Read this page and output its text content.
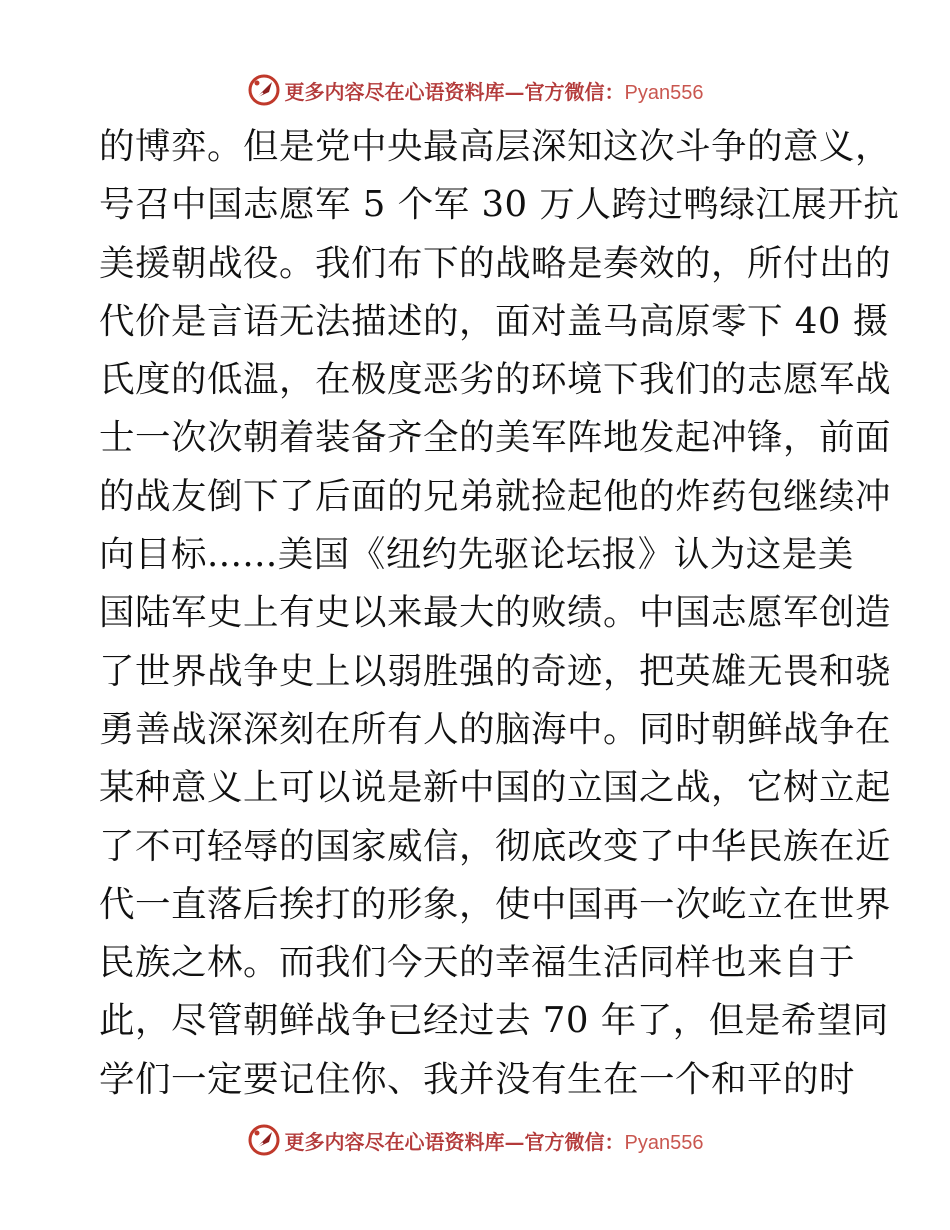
更多内容尽在心语资料库—官方微信：Pyan556
的博弈。但是党中央最高层深知这次斗争的意义，
号召中国志愿军 5 个军 30 万人跨过鸭绿江展开抗
美援朝战役。我们布下的战略是奏效的，所付出的
代价是言语无法描述的，面对盖马高原零下 40 摄
氏度的低温，在极度恶劣的环境下我们的志愿军战
士一次次朝着装备齐全的美军阵地发起冲锋，前面
的战友倒下了后面的兄弟就捡起他的炸药包继续冲
向目标......美国《纽约先驱论坛报》认为这是美
国陆军史上有史以来最大的败绩。中国志愿军创造
了世界战争史上以弱胜强的奇迹，把英雄无畏和骁
勇善战深深刻在所有人的脑海中。同时朝鲜战争在
某种意义上可以说是新中国的立国之战，它树立起
了不可轻辱的国家威信，彻底改变了中华民族在近
代一直落后挨打的形象，使中国再一次屹立在世界
民族之林。而我们今天的幸福生活同样也来自于
此，尽管朝鲜战争已经过去 70 年了，但是希望同
学们一定要记住你、我并没有生在一个和平的时
更多内容尽在心语资料库—官方微信：Pyan556
